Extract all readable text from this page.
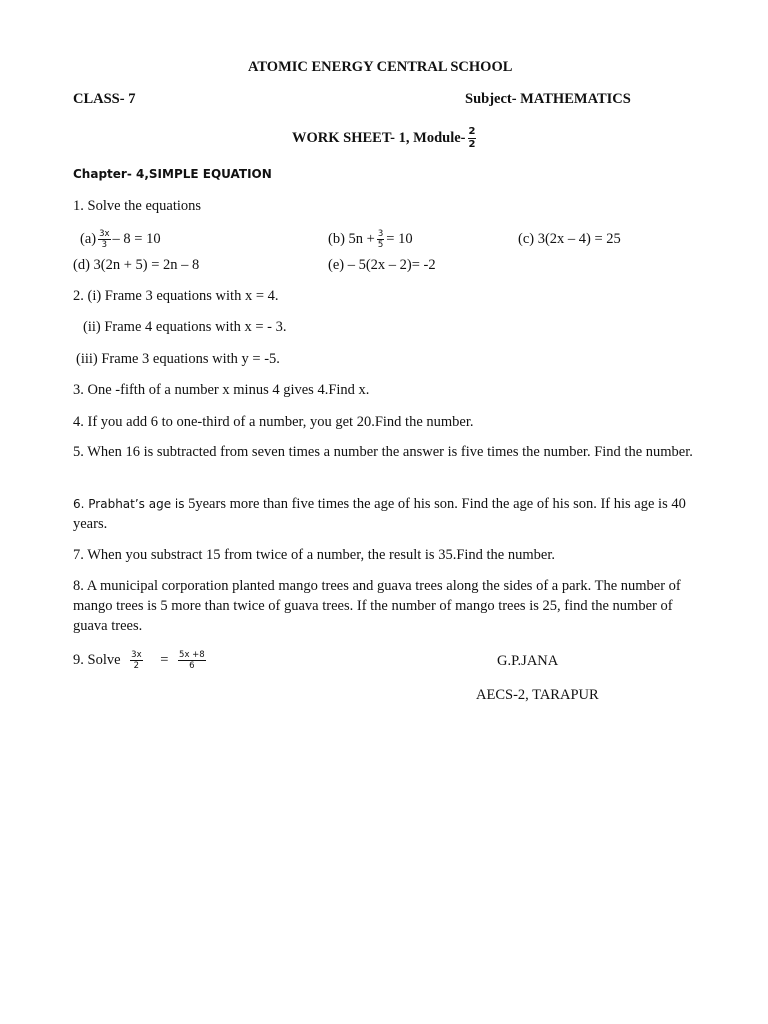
ATOMIC ENERGY CENTRAL SCHOOL
CLASS- 7	Subject- MATHEMATICS
WORK SHEET- 1, Module- $\frac{2}{2}$
Chapter- 4,SIMPLE EQUATION
1. Solve the equations
$(a) \frac{3x}{3} - 8 = 10$	(b) $5n + \frac{3}{5} = 10$	(c) 3(2x – 4) = 25
(d) 3(2n + 5) = 2n – 8	(e) – 5(2x – 2)= -2
2. (i) Frame 3 equations with x = 4.
(ii) Frame 4 equations with x = - 3.
(iii) Frame 3 equations with y = -5.
3. One -fifth of a number x minus 4 gives 4.Find x.
4. If you add 6 to one-third of a number, you get 20.Find the number.
5. When 16 is subtracted from seven times a number the answer is five times the number. Find the number.
6. Prabhat’s age is 5years more than five times the age of his son. Find the age of his son. If his age is 40 years.
7. When you substract 15 from twice of a number, the result is 35.Find the number.
8. A municipal corporation planted mango trees and guava trees along the sides of a park. The number of mango trees is 5 more than twice of guava trees. If the number of mango trees is 25, find the number of guava trees.
9. Solve $\frac{3x}{2} = \frac{5x +8}{6}$	G.P.JANA
AECS-2, TARAPUR
